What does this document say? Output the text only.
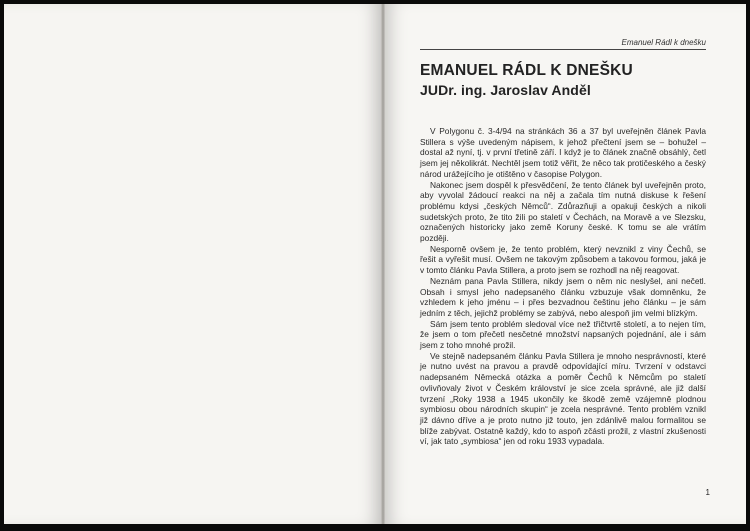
Emanuel Rádl k dnešku
EMANUEL RÁDL K DNEŠKU
JUDr. ing. Jaroslav Anděl

V Polygonu č. 3-4/94 na stránkách 36 a 37 byl uveřejněn článek Pavla Stillera s výše uvedeným nápisem, k jehož přečtení jsem se – bohužel – dostal až nyní, tj. v první třetině září. I když je to článek značně obsáhlý, četl jsem jej několikrát. Nechtěl jsem totiž věřit, že něco tak protičeského a český národ urážejícího je otištěno v časopise Polygon.

Nakonec jsem dospěl k přesvědčení, že tento článek byl uveřejněn proto, aby vyvolal žádoucí reakci na něj a začala tím nutná diskuse k řešení problému kdysi „českých Němců“. Zdůrazňuji a opakuji českých a nikoli sudetských proto, že tito žili po staletí v Čechách, na Moravě a ve Slezsku, označených historicky jako země Koruny české. K tomu se ale vrátím později.

Nesporně ovšem je, že tento problém, který nevznikl z viny Čechů, se řešit a vyřešit musí. Ovšem ne takovým způsobem a takovou formou, jaká je v tomto článku Pavla Stillera, a proto jsem se rozhodl na něj reagovat.

Neznám pana Pavla Stillera, nikdy jsem o něm nic neslyšel, ani nečetl. Obsah i smysl jeho nadepsaného článku vzbuzuje však domněnku, že vzhledem k jeho jménu – i přes bezvadnou češtinu jeho článku – je sám jedním z těch, jejichž problémy se zabývá, nebo alespoň jim velmi blízkým.

Sám jsem tento problém sledoval více než třičtvrtě století, a to nejen tím, že jsem o tom přečetl nesčetné množství napsaných pojednání, ale i sám jsem z toho mnohé prožil.

Ve stejně nadepsaném článku Pavla Stillera je mnoho nesprávností, které je nutno uvést na pravou a pravdě odpovídající míru. Tvrzení v odstavci nadepsaném Německá otázka a poměr Čechů k Němcům po staletí ovlivňovaly život v Českém království je sice zcela správné, ale již další tvrzení „Roky 1938 a 1945 ukončily ke škodě země vzájemně plodnou symbiosu obou národních skupin“ je zcela nesprávné. Tento problém vznikl již dávno dříve a je proto nutno již touto, jen zdánlivě malou formalitou se blíže zabývat. Ostatně každý, kdo to aspoň zčásti prožil, z vlastní zkušenosti ví, jak tato „symbiosa“ jen od roku 1933 vypadala.

1
